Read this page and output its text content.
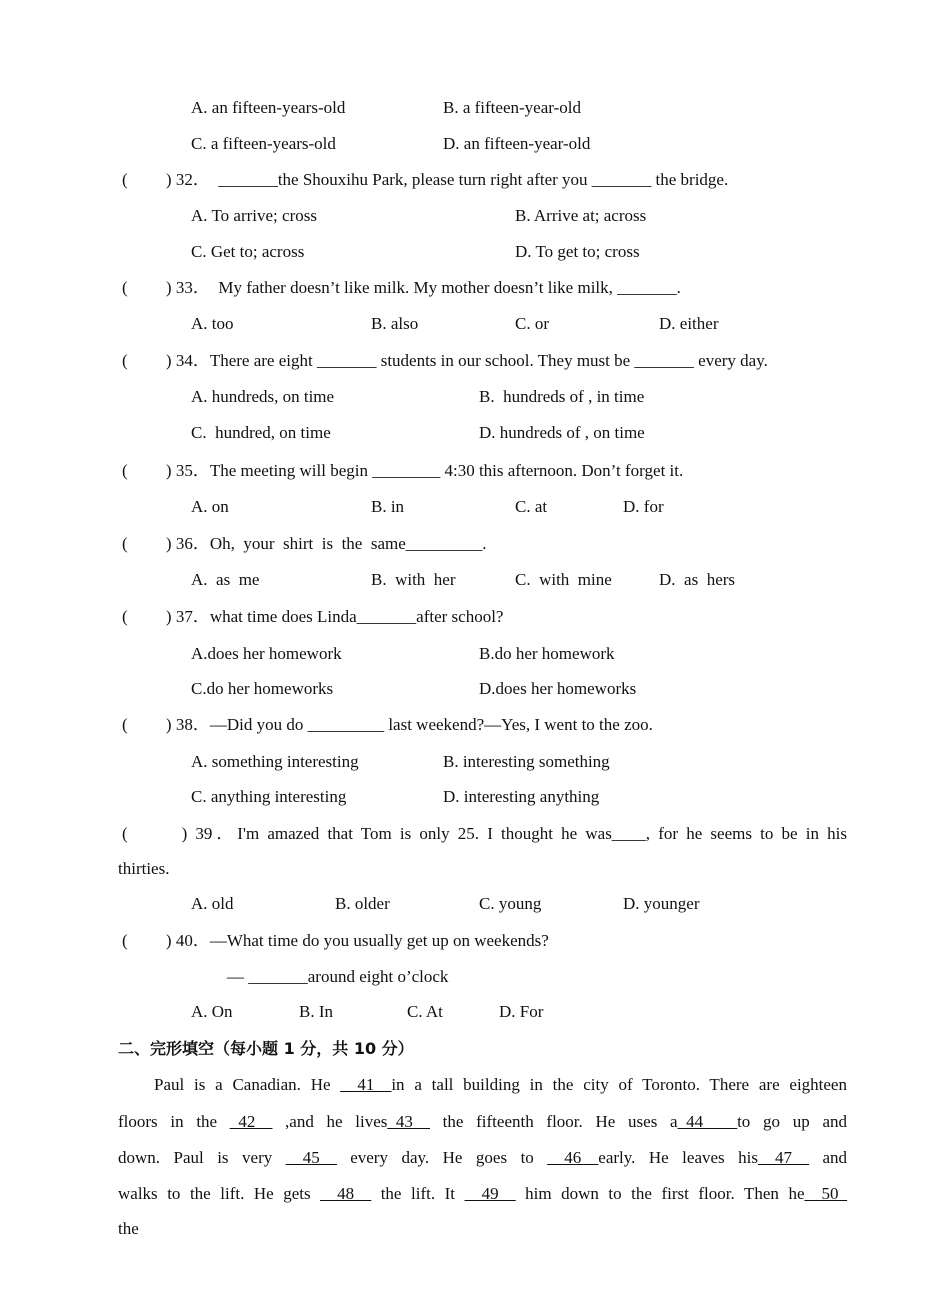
A. an fifteen-years-old	B. a fifteen-year-old
C. a fifteen-years-old	D. an fifteen-year-old
(　　 ) 32．  _______the Shouxihu Park, please turn right after you _______ the bridge.
A. To arrive; cross	B. Arrive at; across
C. Get to; across	D. To get to; cross
(　　 ) 33．  My father doesn’t like milk. My mother doesn’t like milk, _______.
A. too	B. also	C. or	D. either
(　　 ) 34．There are eight _______ students in our school. They must be _______ every day.
A. hundreds, on time	B.  hundreds of , in time
C.  hundred, on time	D. hundreds of , on time
(　　 ) 35．The meeting will begin ________ 4:30 this afternoon. Don’t forget it.
A. on	B. in	C. at	D. for
(　　 ) 36．Oh,  your  shirt  is  the  same_________.
A.  as  me	B.  with  her	C.  with  mine	D.  as  hers
(　　 ) 37．what time does Linda_______after school?
A.does her homework	B.do her homework
C.do her homeworks	D.does her homeworks
(　　 ) 38．—Did you do _________ last weekend?—Yes, I went to the zoo.
A. something interesting	B. interesting something
C. anything interesting	D. interesting anything
(　　 ) 39．I'm amazed that Tom is only 25. I thought he was____, for he seems to be in his
thirties.
A. old	B. older	C. young	D. younger
(　　 ) 40．—What time do you usually get up on weekends?
— _______around eight o’clock
A. On	B. In	C. At	D. For
二、完形填空（每小题 1 分，共 10 分）
Paul is a Canadian. He __41__in a tall building in the city of Toronto. There are eighteen
floors in the _42__ ,and he lives_43__ the fifteenth floor. He uses a_44____to go up and
down. Paul is very __45__ every day. He goes to __46__early. He leaves his__47__ and
walks to the lift. He gets __48__ the lift. It __49__ him down to the first floor. Then he__50_
the
